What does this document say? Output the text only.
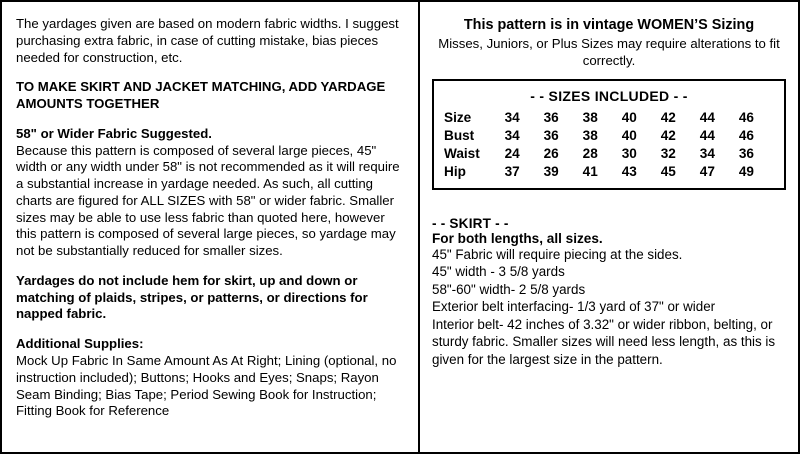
The yardages given are based on modern fabric widths. I suggest purchasing extra fabric, in case of cutting mistake, bias pieces needed for construction, etc.

TO MAKE SKIRT AND JACKET MATCHING, ADD YARDAGE AMOUNTS TOGETHER

58" or Wider Fabric Suggested.

Because this pattern is composed of several large pieces, 45" width or any width under 58" is not recommended as it will require a substantial increase in yardage needed. As such, all cutting charts are figured for ALL SIZES with 58" or wider fabric. Smaller sizes may be able to use less fabric than quoted here, however this pattern is composed of several large pieces, so yardage may not be substantially reduced for smaller sizes.

Yardages do not include hem for skirt, up and down or matching of plaids, stripes, or patterns, or directions for napped fabric.

Additional Supplies:

Mock Up Fabric In Same Amount As At Right; Lining (optional, no instruction included); Buttons; Hooks and Eyes; Snaps; Rayon Seam Binding; Bias Tape; Period Sewing Book for Instruction; Fitting Book for Reference

This pattern is in vintage WOMEN’S Sizing
Misses, Juniors, or Plus Sizes may require alterations to fit correctly.
- - SIZES INCLUDED - -
Size	34	36	38	40	42	44	46
Bust	34	36	38	40	42	44	46
Waist	24	26	28	30	32	34	36
Hip	37	39	41	43	45	47	49
- - SKIRT - -
For both lengths, all sizes.
45" Fabric will require piecing at the sides.
45" width - 3 5/8 yards
58"-60" width- 2 5/8 yards
Exterior belt interfacing- 1/3 yard of 37" or wider

Interior belt- 42 inches of 3.32" or wider ribbon, belting, or sturdy fabric. Smaller sizes will need less length, as this is given for the largest size in the pattern.
